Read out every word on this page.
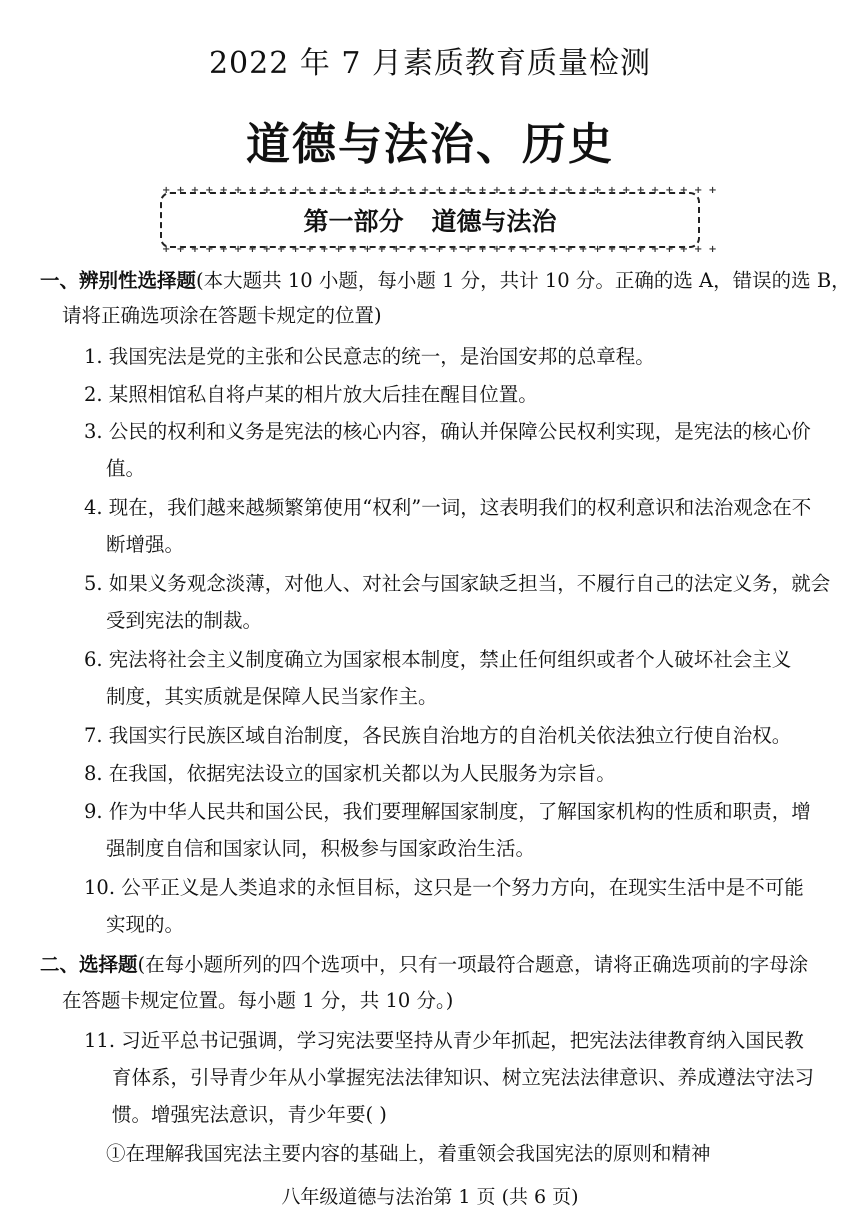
2022 年 7 月素质教育质量检测
道德与法治、历史
+++++++++++++++++++++++++++++++++++++++
第一部分 道德与法治
+++++++++++++++++++++++++++++++++++++++
一、辨别性选择题(本大题共 10 小题，每小题 1 分，共计 10 分。正确的选 A，错误的选 B，
请将正确选项涂在答题卡规定的位置)
1. 我国宪法是党的主张和公民意志的统一，是治国安邦的总章程。
2. 某照相馆私自将卢某的相片放大后挂在醒目位置。
3. 公民的权利和义务是宪法的核心内容，确认并保障公民权利实现，是宪法的核心价
值。
4. 现在，我们越来越频繁第使用“权利”一词，这表明我们的权利意识和法治观念在不
断增强。
5. 如果义务观念淡薄，对他人、对社会与国家缺乏担当，不履行自己的法定义务，就会
受到宪法的制裁。
6. 宪法将社会主义制度确立为国家根本制度，禁止任何组织或者个人破坏社会主义
制度，其实质就是保障人民当家作主。
7. 我国实行民族区域自治制度，各民族自治地方的自治机关依法独立行使自治权。
8. 在我国，依据宪法设立的国家机关都以为人民服务为宗旨。
9. 作为中华人民共和国公民，我们要理解国家制度，了解国家机构的性质和职责，增
强制度自信和国家认同，积极参与国家政治生活。
10. 公平正义是人类追求的永恒目标，这只是一个努力方向，在现实生活中是不可能
实现的。
二、选择题(在每小题所列的四个选项中，只有一项最符合题意，请将正确选项前的字母涂
在答题卡规定位置。每小题 1 分，共 10 分。)
11. 习近平总书记强调，学习宪法要坚持从青少年抓起，把宪法法律教育纳入国民教
育体系，引导青少年从小掌握宪法法律知识、树立宪法法律意识、养成遵法守法习
惯。增强宪法意识，青少年要( )
①在理解我国宪法主要内容的基础上，着重领会我国宪法的原则和精神
八年级道德与法治第 1 页 (共 6 页)
